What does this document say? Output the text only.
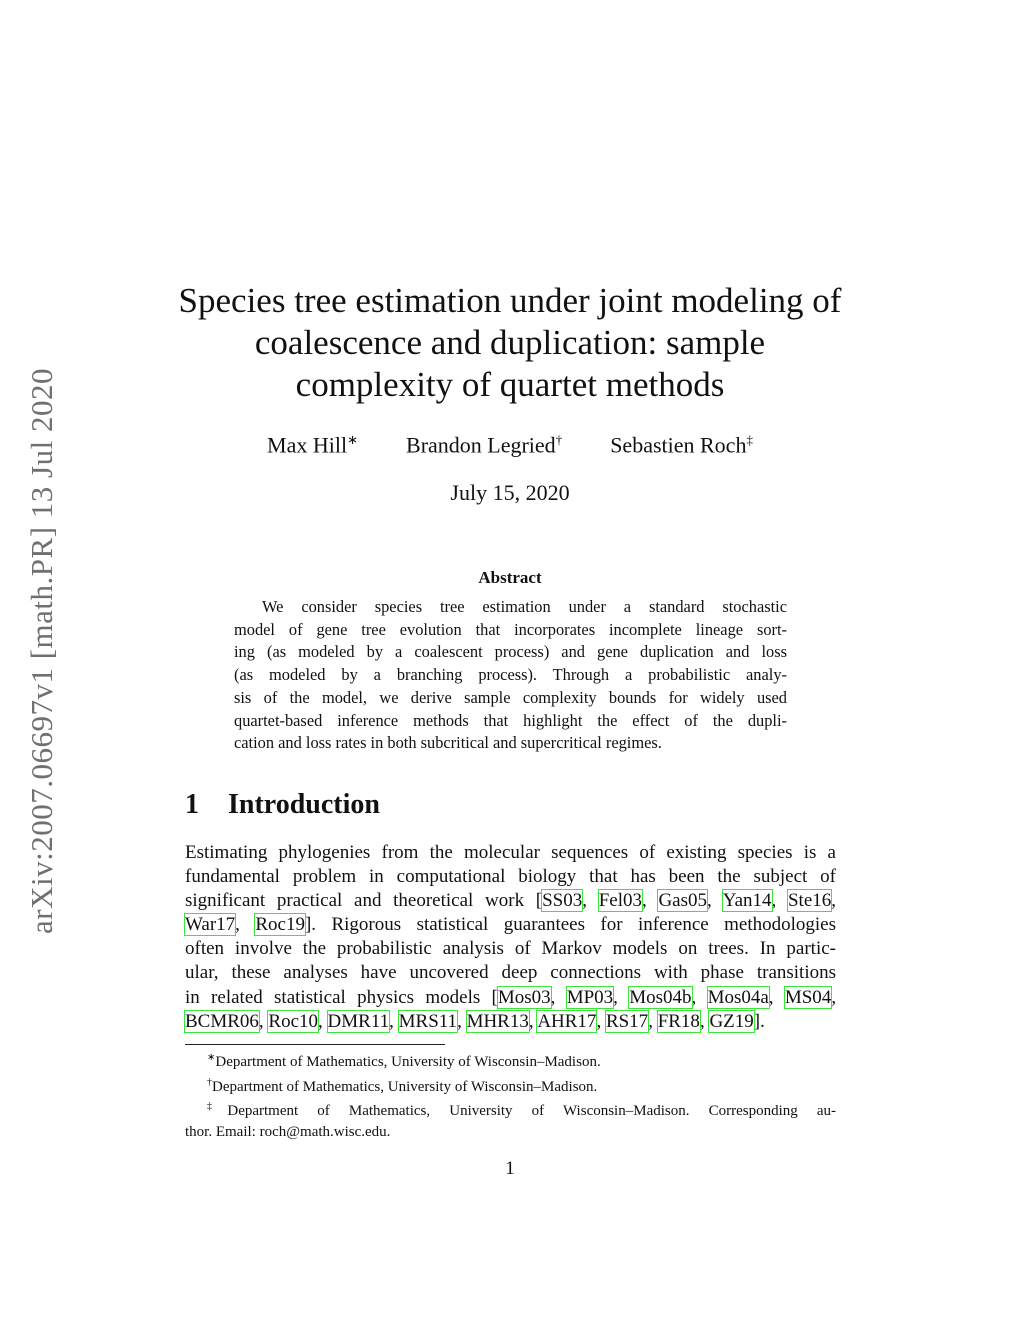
arXiv:2007.06697v1 [math.PR] 13 Jul 2020
Species tree estimation under joint modeling of
coalescence and duplication: sample
complexity of quartet methods
Max Hill∗ Brandon Legried† Sebastien Roch‡
July 15, 2020
Abstract
We consider species tree estimation under a standard stochastic
model of gene tree evolution that incorporates incomplete lineage sort-
ing (as modeled by a coalescent process) and gene duplication and loss
(as modeled by a branching process). Through a probabilistic analy-
sis of the model, we derive sample complexity bounds for widely used
quartet-based inference methods that highlight the effect of the dupli-
cation and loss rates in both subcritical and supercritical regimes.
1 Introduction
Estimating phylogenies from the molecular sequences of existing species is a
fundamental problem in computational biology that has been the subject of
significant practical and theoretical work [SS03, Fel03, Gas05, Yan14, Ste16,
War17, Roc19]. Rigorous statistical guarantees for inference methodologies
often involve the probabilistic analysis of Markov models on trees. In partic-
ular, these analyses have uncovered deep connections with phase transitions
in related statistical physics models [Mos03, MP03, Mos04b, Mos04a, MS04,
BCMR06, Roc10, DMR11, MRS11, MHR13, AHR17, RS17, FR18, GZ19].
∗Department of Mathematics, University of Wisconsin–Madison.
†Department of Mathematics, University of Wisconsin–Madison.
‡Department of Mathematics, University of Wisconsin–Madison. Corresponding au-
thor. Email: roch@math.wisc.edu.
1
